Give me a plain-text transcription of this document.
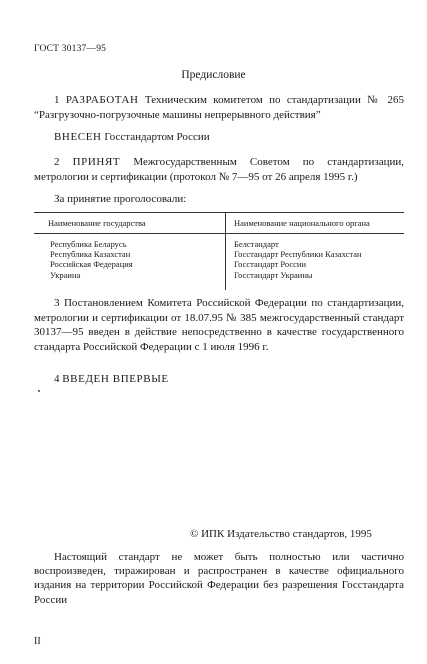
ГОСТ 30137—95
Предисловие
1 РАЗРАБОТАН Техническим комитетом по стандартизации № 265 “Разгрузочно-погрузочные машины непрерывного действия”
ВНЕСЕН Госстандартом России
2 ПРИНЯТ Межгосударственным Советом по стандартизации, метрологии и сертификации (протокол № 7—95 от 26 апреля 1995 г.)
За принятие проголосовали:
Наименование государства	Наименование национального органа
Республика Беларусь
Республика Казахстан
Российская Федерация
Украина
Белстандарт
Госстандарт Республики Казахстан
Госстандарт России
Госстандарт Украины
3 Постановлением Комитета Российской Федерации по стандартизации, метрологии и сертификации от 18.07.95 № 385 межгосударственный стандарт 30137—95 введен в действие непосредственно в качестве государственного стандарта Российской Федерации с 1 июля 1996 г.
4 ВВЕДЕН ВПЕРВЫЕ
© ИПК Издательство стандартов, 1995
Настоящий стандарт не может быть полностью или частично воспроизведен, тиражирован и распространен в качестве официального издания на территории Российской Федерации без разрешения Госстандарта России
II
